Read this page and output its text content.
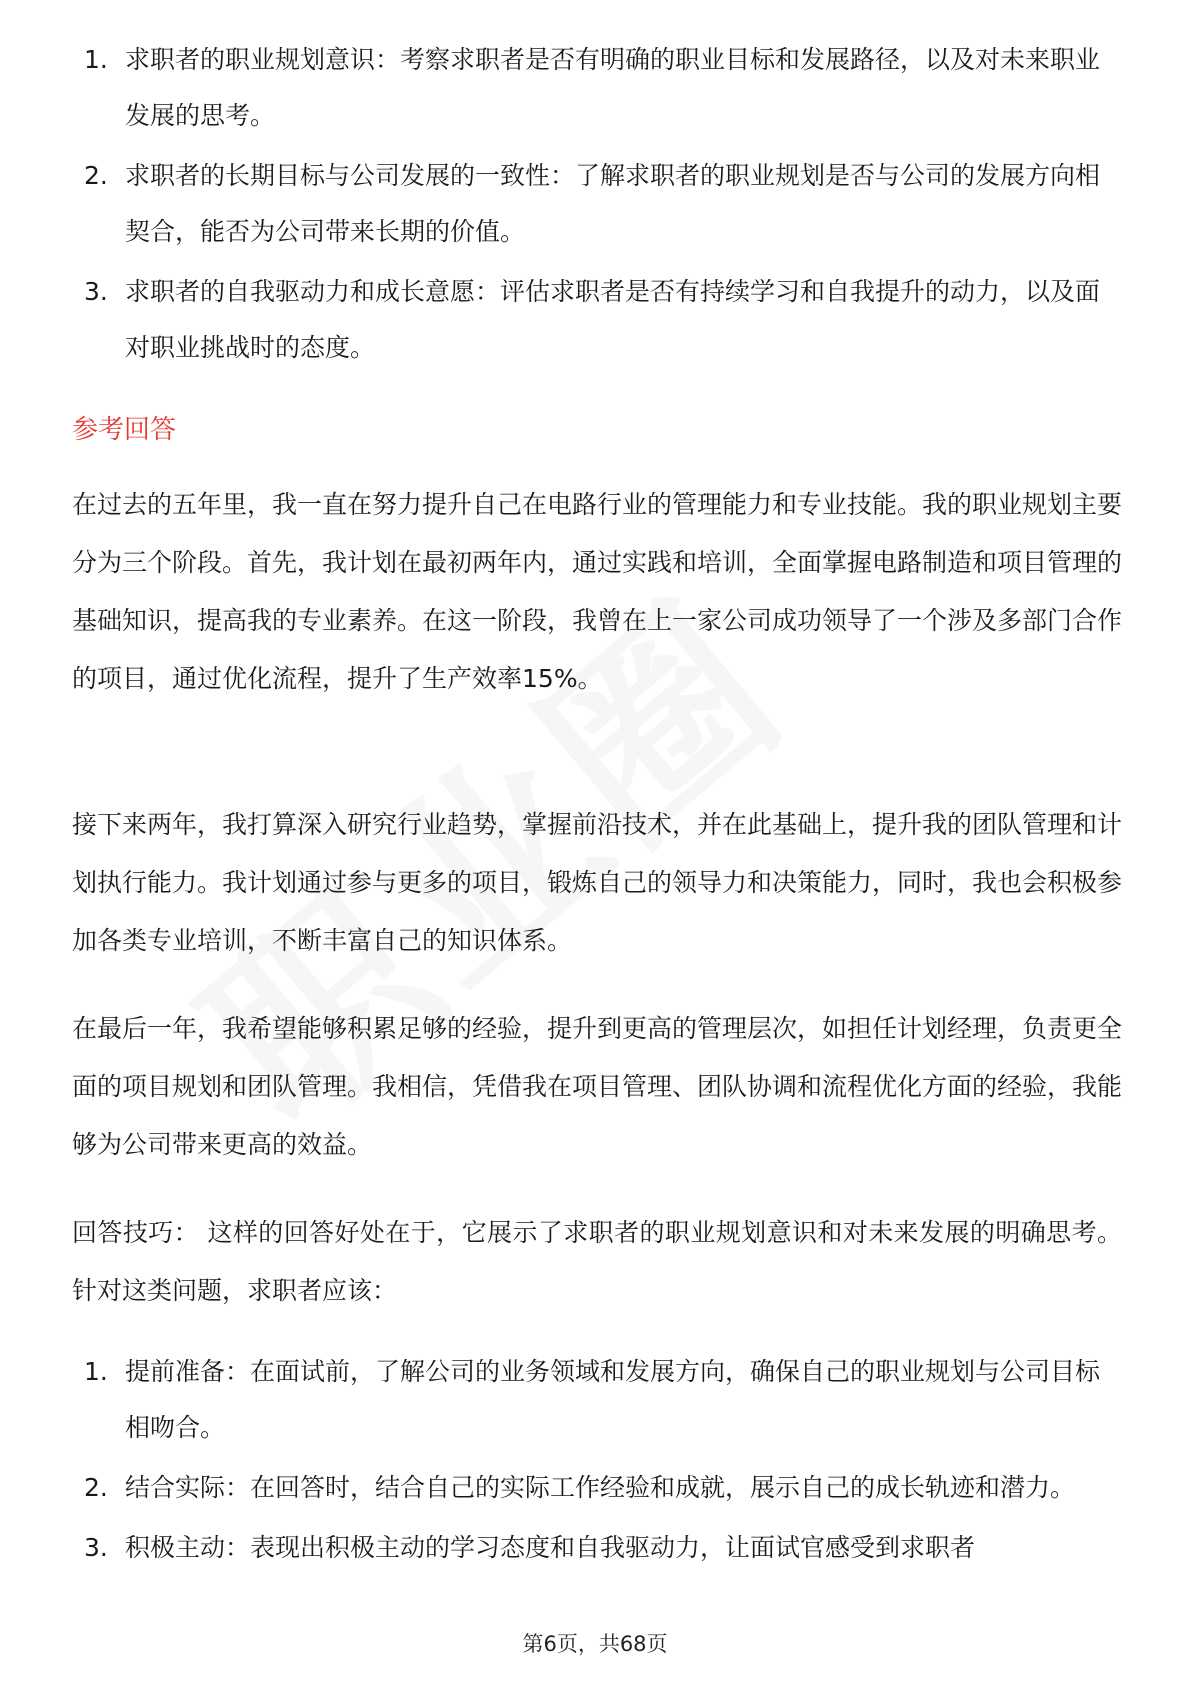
1. 求职者的职业规划意识：考察求职者是否有明确的职业目标和发展路径，以及对未来职业发展的思考。
2. 求职者的长期目标与公司发展的一致性：了解求职者的职业规划是否与公司的发展方向相契合，能否为公司带来长期的价值。
3. 求职者的自我驱动力和成长意愿：评估求职者是否有持续学习和自我提升的动力，以及面对职业挑战时的态度。
参考回答

在过去的五年里，我一直在努力提升自己在电路行业的管理能力和专业技能。我的职业规划主要分为三个阶段。首先，我计划在最初两年内，通过实践和培训，全面掌握电路制造和项目管理的基础知识，提高我的专业素养。在这一阶段，我曾在上一家公司成功领导了一个涉及多部门合作的项目，通过优化流程，提升了生产效率15%。

接下来两年，我打算深入研究行业趋势，掌握前沿技术，并在此基础上，提升我的团队管理和计划执行能力。我计划通过参与更多的项目，锻炼自己的领导力和决策能力，同时，我也会积极参加各类专业培训，不断丰富自己的知识体系。

在最后一年，我希望能够积累足够的经验，提升到更高的管理层次，如担任计划经理，负责更全面的项目规划和团队管理。我相信，凭借我在项目管理、团队协调和流程优化方面的经验，我能够为公司带来更高的效益。

回答技巧： 这样的回答好处在于，它展示了求职者的职业规划意识和对未来发展的明确思考。针对这类问题，求职者应该：

1. 提前准备：在面试前，了解公司的业务领域和发展方向，确保自己的职业规划与公司目标相吻合。
2. 结合实际：在回答时，结合自己的实际工作经验和成就，展示自己的成长轨迹和潜力。
3. 积极主动：表现出积极主动的学习态度和自我驱动力，让面试官感受到求职者
第6页，共68页
